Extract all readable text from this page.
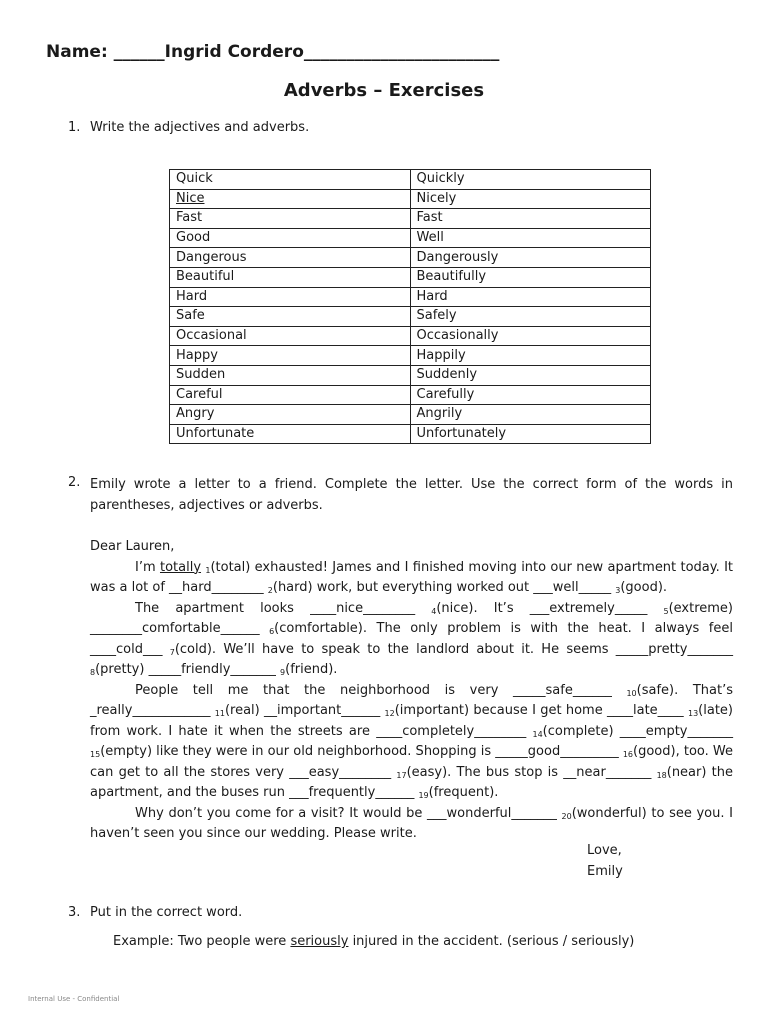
Name: ______Ingrid Cordero_______________________
Adverbs – Exercises
1. Write the adjectives and adverbs.
Quick	Quickly
Nice	Nicely
Fast	Fast
Good	Well
Dangerous	Dangerously
Beautiful	Beautifully
Hard	Hard
Safe	Safely
Occasional	Occasionally
Happy	Happily
Sudden	Suddenly
Careful	Carefully
Angry	Angrily
Unfortunate	Unfortunately
2. Emily wrote a letter to a friend. Complete the letter. Use the correct form of the words in parentheses, adjectives or adverbs.

Dear Lauren,

I’m totally $_1$(total) exhausted! James and I finished moving into our new apartment today. It was a lot of __hard________ $_2$(hard) work, but everything worked out ___well_____ $_3$(good).

The apartment looks ____nice________ $_4$(nice). It’s ___extremely_____ $_5$(extreme) ________comfortable______ $_6$(comfortable). The only problem is with the heat. I always feel ____cold___ $_7$(cold). We’ll have to speak to the landlord about it. He seems _____pretty_______ $_8$(pretty) _____friendly_______ $_9$(friend).

People tell me that the neighborhood is very _____safe______ $_{10}$(safe). That’s _really____________ $_{11}$(real) __important______ $_{12}$(important) because I get home ____late____ $_{13}$(late) from work. I hate it when the streets are ____completely________ $_{14}$(complete) ____empty_______ $_{15}$(empty) like they were in our old neighborhood. Shopping is _____good_________ $_{16}$(good), too. We can get to all the stores very ___easy________ $_{17}$(easy). The bus stop is __near_______ $_{18}$(near) the apartment, and the buses run ___frequently______ $_{19}$(frequent).

Why don’t you come for a visit? It would be ___wonderful_______ $_{20}$(wonderful) to see you. I haven’t seen you since our wedding. Please write.

Love,
Emily
3. Put in the correct word.
Example: Two people were seriously injured in the accident. (serious / seriously)
Internal Use - Confidential
